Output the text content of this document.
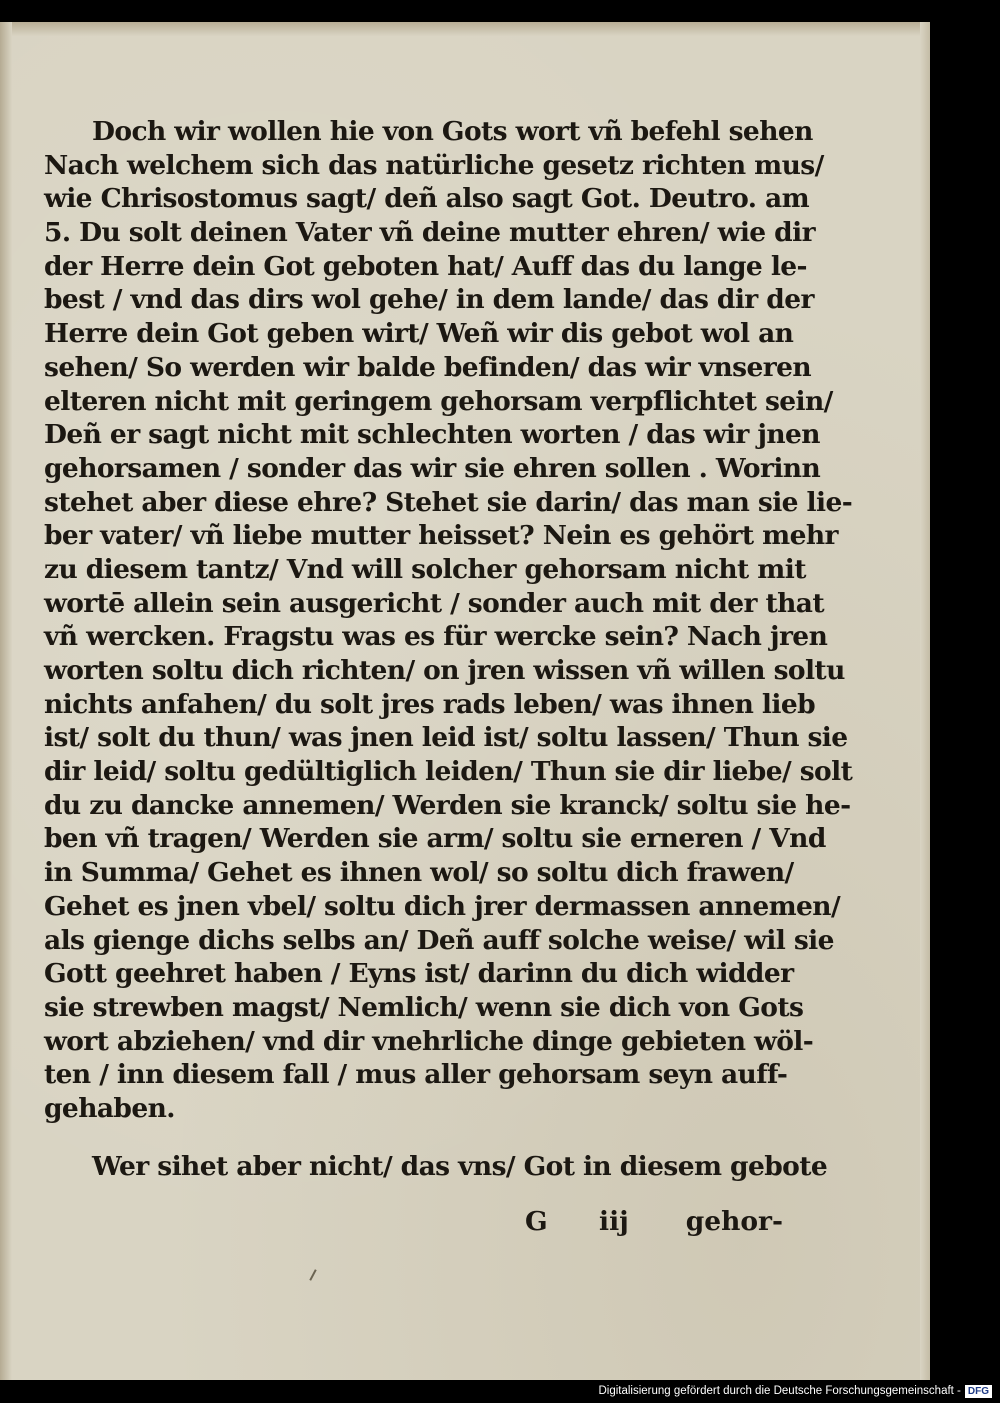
Doch wir wollen hie von Gots wort vñ befehl sehen
Nach welchem sich das natürliche gesetz richten mus/
wie Chrisostomus sagt/ deñ also sagt Got. Deutro. am
5. Du solt deinen Vater vñ deine mutter ehren/ wie dir
der Herre dein Got geboten hat/ Auff das du lange le-
best / vnd das dirs wol gehe/ in dem lande/ das dir der
Herre dein Got geben wirt/ Weñ wir dis gebot wol an
sehen/ So werden wir balde befinden/ das wir vnseren
elteren nicht mit geringem gehorsam verpflichtet sein/
Deñ er sagt nicht mit schlechten worten / das wir jnen
gehorsamen / sonder das wir sie ehren sollen . Worinn
stehet aber diese ehre? Stehet sie darin/ das man sie lie-
ber vater/ vñ liebe mutter heisset? Nein es gehört mehr
zu diesem tantz/ Vnd will solcher gehorsam nicht mit
wortē allein sein ausgericht / sonder auch mit der that
vñ wercken. Fragstu was es für wercke sein? Nach jren
worten soltu dich richten/ on jren wissen vñ willen soltu
nichts anfahen/ du solt jres rads leben/ was ihnen lieb
ist/ solt du thun/ was jnen leid ist/ soltu lassen/ Thun sie
dir leid/ soltu gedültiglich leiden/ Thun sie dir liebe/ solt
du zu dancke annemen/ Werden sie kranck/ soltu sie he-
ben vñ tragen/ Werden sie arm/ soltu sie erneren / Vnd
in Summa/ Gehet es ihnen wol/ so soltu dich frawen/
Gehet es jnen vbel/ soltu dich jrer dermassen annemen/
als gienge dichs selbs an/ Deñ auff solche weise/ wil sie
Gott geehret haben / Eyns ist/ darinn du dich widder
sie strewben magst/ Nemlich/ wenn sie dich von Gots
wort abziehen/ vnd dir vnehrliche dinge gebieten wöl-
ten / inn diesem fall / mus aller gehorsam seyn auff-
gehaben.
Wer sihet aber nicht/ das vns/ Got in diesem gebote
G iij gehor-
Digitalisierung gefördert durch die Deutsche Forschungsgemeinschaft - DFG
